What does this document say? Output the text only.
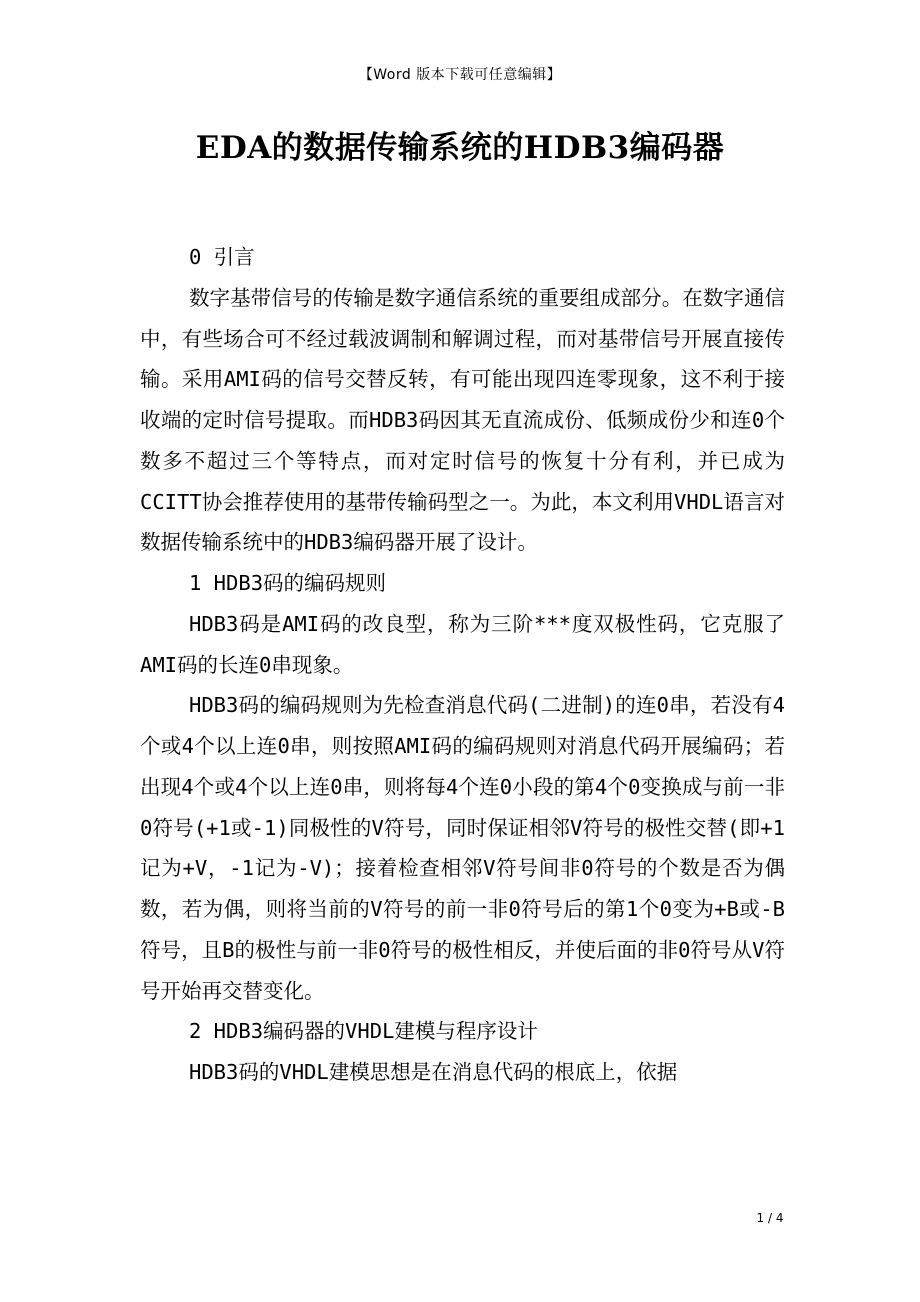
【Word 版本下载可任意编辑】
EDA的数据传输系统的HDB3编码器

0 引言

数字基带信号的传输是数字通信系统的重要组成部分。在数字通信中，有些场合可不经过载波调制和解调过程，而对基带信号开展直接传输。采用AMI码的信号交替反转，有可能出现四连零现象，这不利于接收端的定时信号提取。而HDB3码因其无直流成份、低频成份少和连0个数多不超过三个等特点，而对定时信号的恢复十分有利，并已成为CCITT协会推荐使用的基带传输码型之一。为此，本文利用VHDL语言对数据传输系统中的HDB3编码器开展了设计。

1 HDB3码的编码规则

HDB3码是AMI码的改良型，称为三阶***度双极性码，它克服了AMI码的长连0串现象。

HDB3码的编码规则为先检查消息代码(二进制)的连0串，若没有4个或4个以上连0串，则按照AMI码的编码规则对消息代码开展编码；若出现4个或4个以上连0串，则将每4个连0小段的第4个0变换成与前一非0符号(+1或-1)同极性的V符号，同时保证相邻V符号的极性交替(即+1记为+V，-1记为-V)；接着检查相邻V符号间非0符号的个数是否为偶数，若为偶，则将当前的V符号的前一非0符号后的第1个0变为+B或-B符号，且B的极性与前一非0符号的极性相反，并使后面的非0符号从V符号开始再交替变化。

2 HDB3编码器的VHDL建模与程序设计

HDB3码的VHDL建模思想是在消息代码的根底上，依据

1 / 4
